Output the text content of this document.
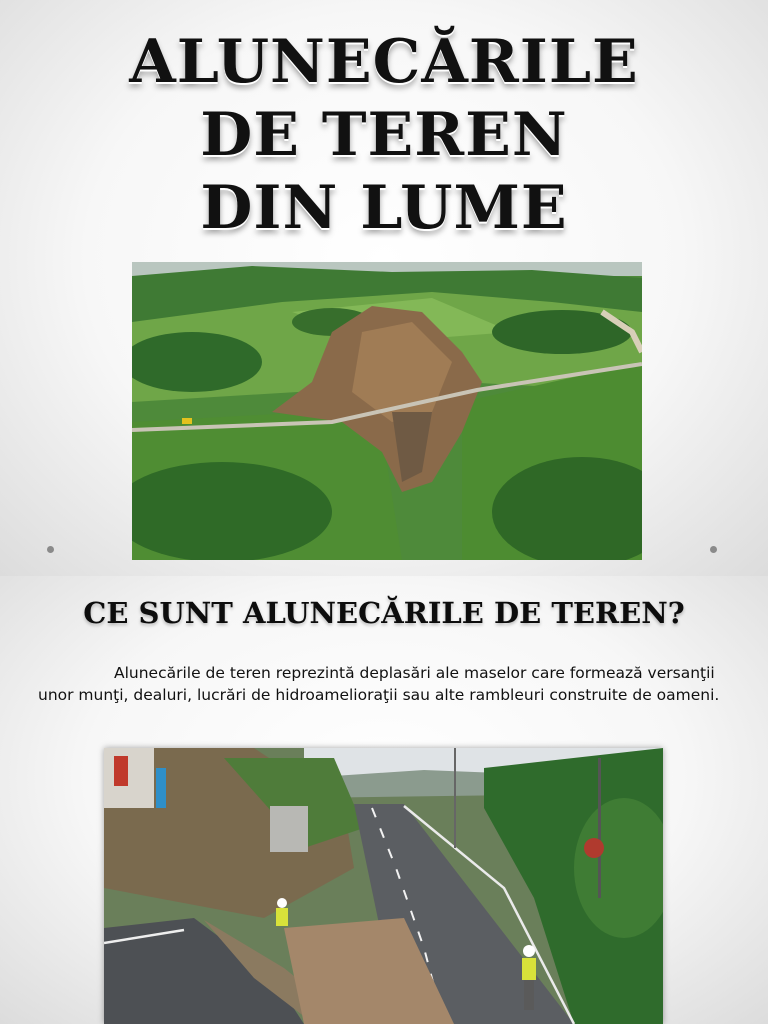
ALUNECĂRILE
DE TEREN
DIN LUME
CE SUNT ALUNECĂRILE DE TEREN?
Alunecările de teren reprezintă deplasări ale maselor care formează versanţii unor munţi, dealuri, lucrări de hidroamelioraţii sau alte rambleuri construite de oameni.
